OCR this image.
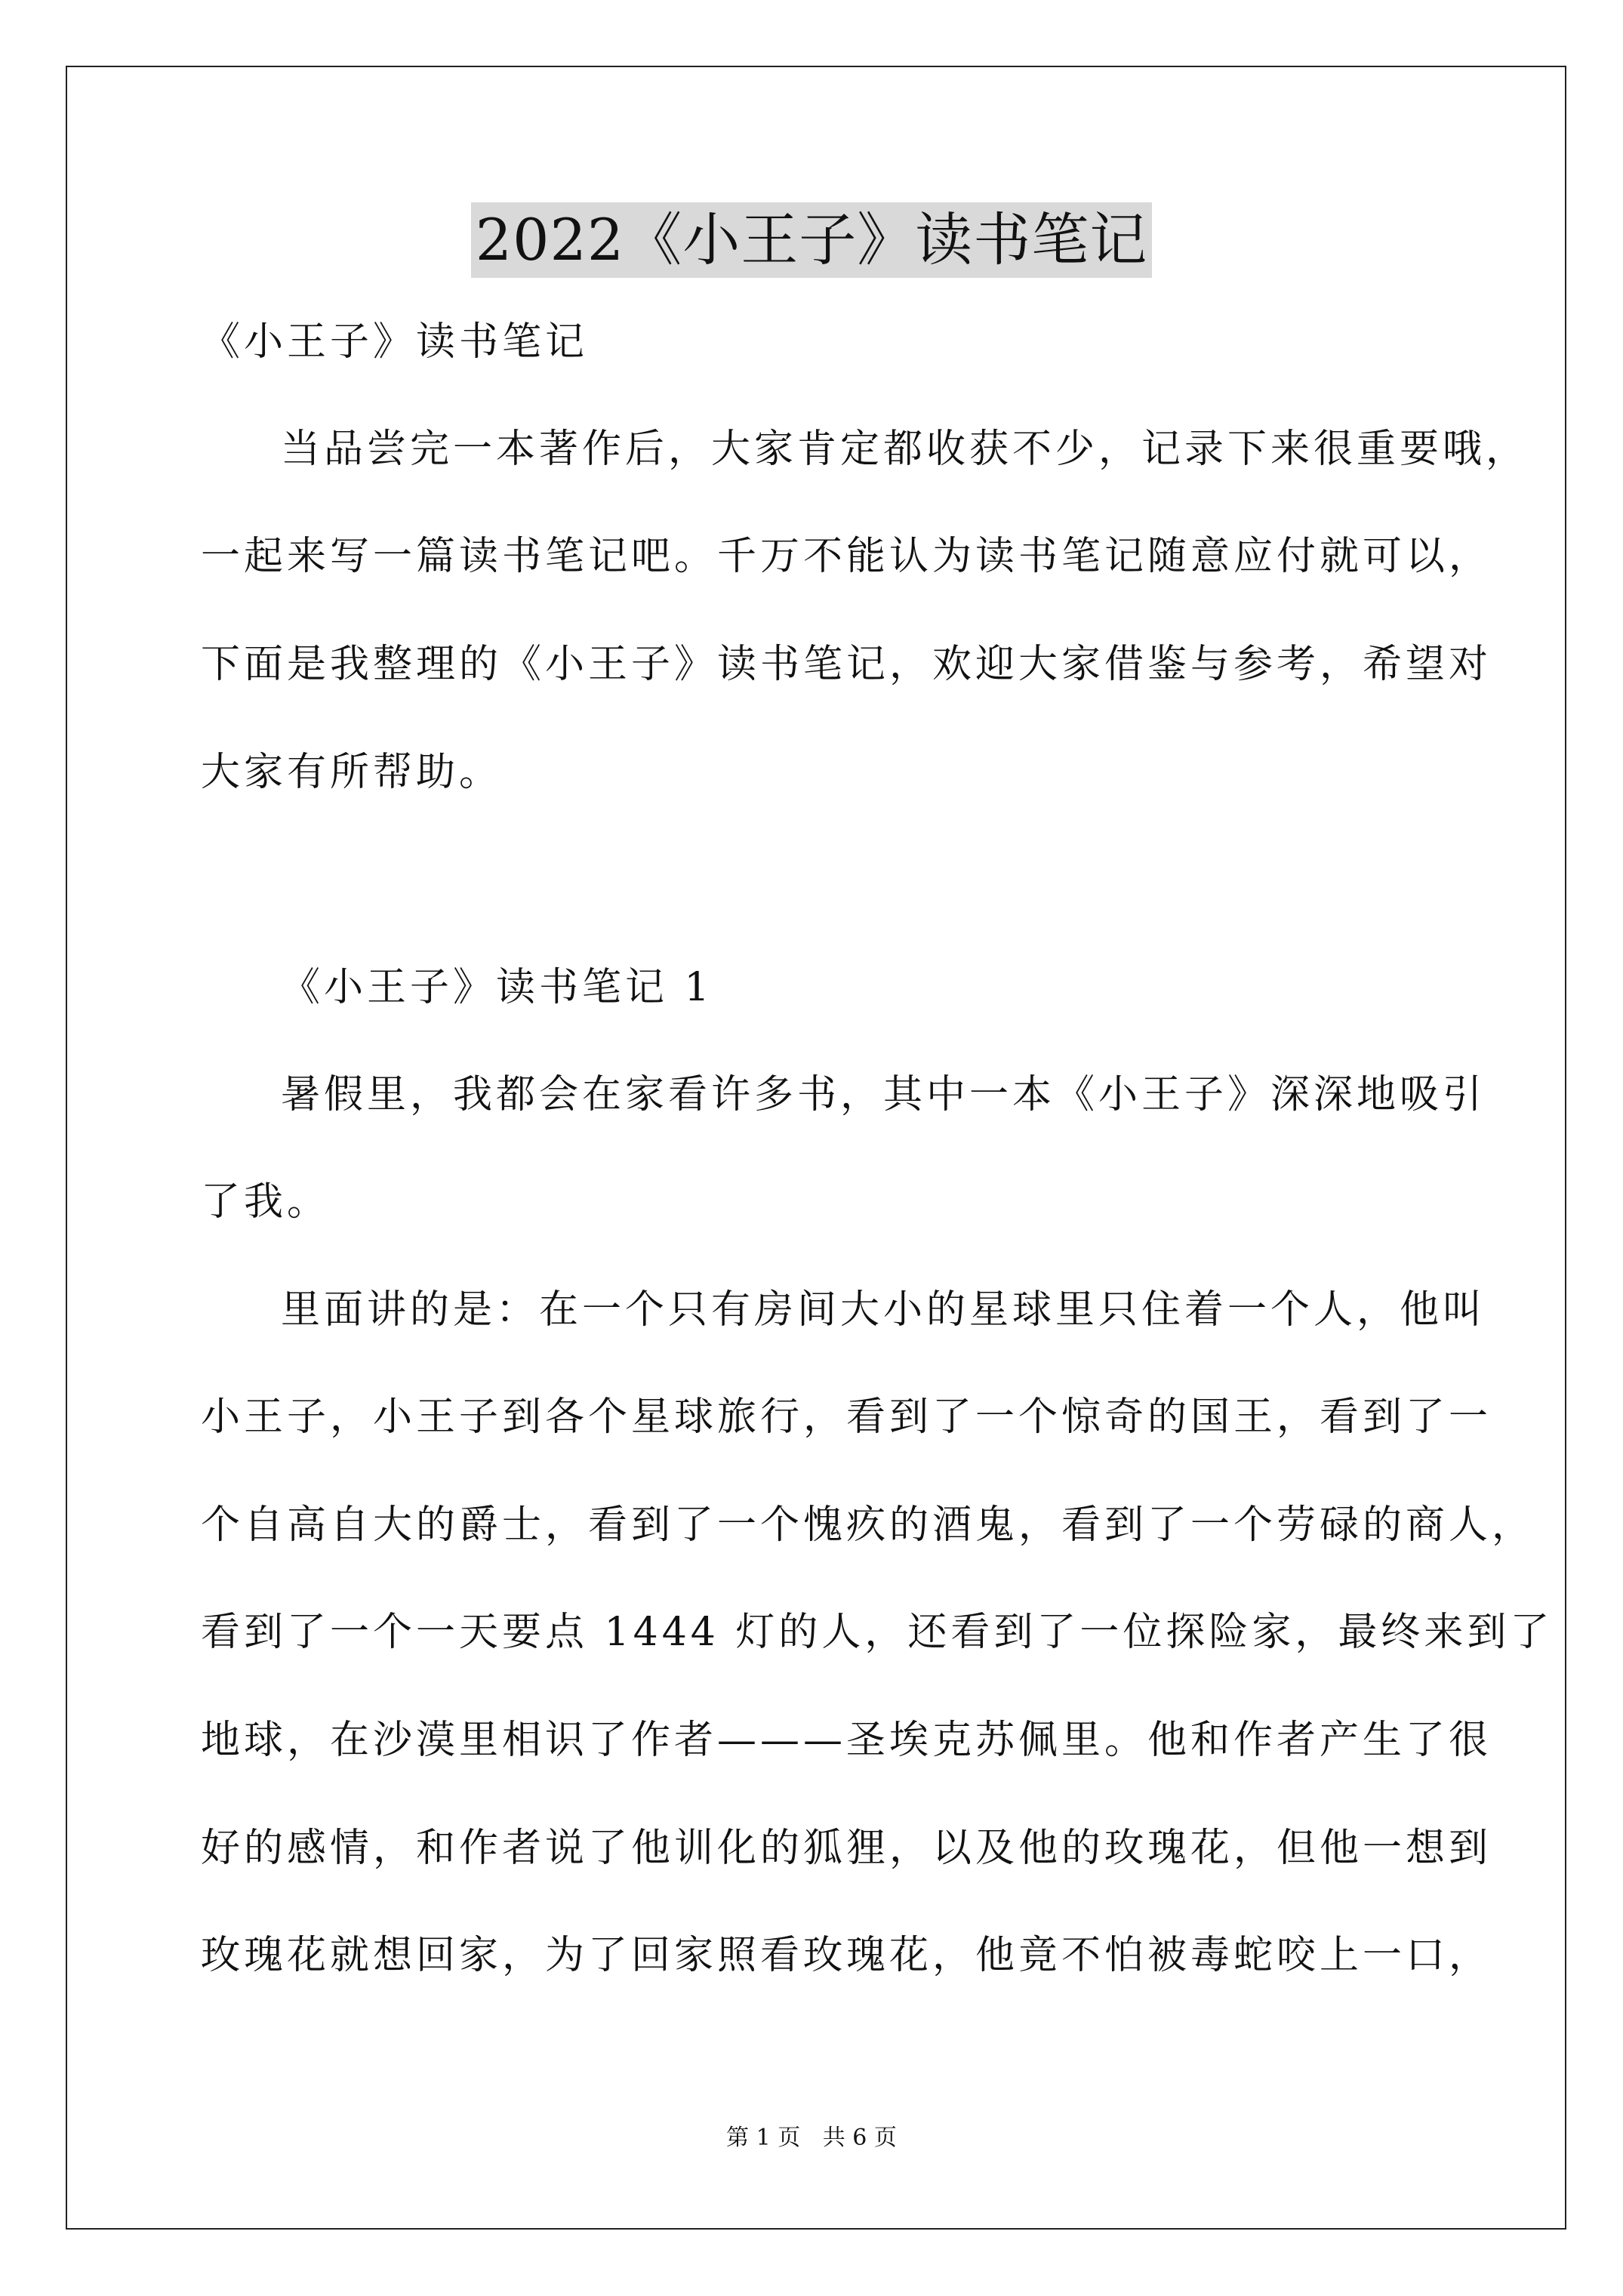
2022《小王子》读书笔记
《小王子》读书笔记
当品尝完一本著作后，大家肯定都收获不少，记录下来很重要哦，
一起来写一篇读书笔记吧。千万不能认为读书笔记随意应付就可以，
下面是我整理的《小王子》读书笔记，欢迎大家借鉴与参考，希望对
大家有所帮助。
《小王子》读书笔记 1
暑假里，我都会在家看许多书，其中一本《小王子》深深地吸引
了我。
里面讲的是：在一个只有房间大小的星球里只住着一个人，他叫
小王子，小王子到各个星球旅行，看到了一个惊奇的国王，看到了一
个自高自大的爵士，看到了一个愧疚的酒鬼，看到了一个劳碌的商人，
看到了一个一天要点 1444 灯的人，还看到了一位探险家，最终来到了
地球，在沙漠里相识了作者———圣埃克苏佩里。他和作者产生了很
好的感情，和作者说了他训化的狐狸，以及他的玫瑰花，但他一想到
玫瑰花就想回家，为了回家照看玫瑰花，他竟不怕被毒蛇咬上一口，
第 1 页 共 6 页
